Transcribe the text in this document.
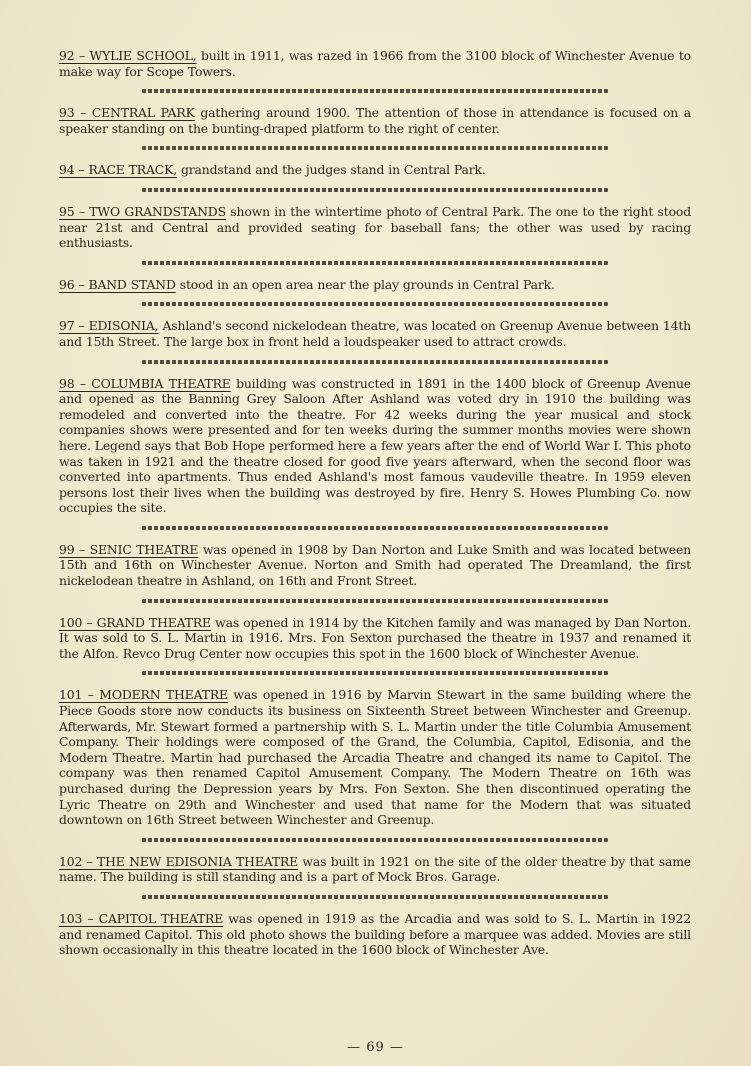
92 – WYLIE SCHOOL, built in 1911, was razed in 1966 from the 3100 block of Winchester Avenue to make way for Scope Towers.

93 – CENTRAL PARK gathering around 1900. The attention of those in attendance is focused on a speaker standing on the bunting-draped platform to the right of center.

94 – RACE TRACK, grandstand and the judges stand in Central Park.

95 – TWO GRANDSTANDS shown in the wintertime photo of Central Park. The one to the right stood near 21st and Central and provided seating for baseball fans; the other was used by racing enthusiasts.

96 – BAND STAND stood in an open area near the play grounds in Central Park.

97 – EDISONIA, Ashland's second nickelodean theatre, was located on Greenup Avenue between 14th and 15th Street. The large box in front held a loudspeaker used to attract crowds.

98 – COLUMBIA THEATRE building was constructed in 1891 in the 1400 block of Greenup Avenue and opened as the Banning Grey Saloon After Ashland was voted dry in 1910 the building was remodeled and converted into the theatre. For 42 weeks during the year musical and stock companies shows were presented and for ten weeks during the summer months movies were shown here. Legend says that Bob Hope performed here a few years after the end of World War I. This photo was taken in 1921 and the theatre closed for good five years afterward, when the second floor was converted into apartments. Thus ended Ashland's most famous vaudeville theatre. In 1959 eleven persons lost their lives when the building was destroyed by fire. Henry S. Howes Plumbing Co. now occupies the site.

99 – SENIC THEATRE was opened in 1908 by Dan Norton and Luke Smith and was located between 15th and 16th on Winchester Avenue. Norton and Smith had operated The Dreamland, the first nickelodean theatre in Ashland, on 16th and Front Street.

100 – GRAND THEATRE was opened in 1914 by the Kitchen family and was managed by Dan Norton. It was sold to S. L. Martin in 1916. Mrs. Fon Sexton purchased the theatre in 1937 and renamed it the Alfon. Revco Drug Center now occupies this spot in the 1600 block of Winchester Avenue.

101 – MODERN THEATRE was opened in 1916 by Marvin Stewart in the same building where the Piece Goods store now conducts its business on Sixteenth Street between Winchester and Greenup. Afterwards, Mr. Stewart formed a partnership with S. L. Martin under the title Columbia Amusement Company. Their holdings were composed of the Grand, the Columbia, Capitol, Edisonia, and the Modern Theatre. Martin had purchased the Arcadia Theatre and changed its name to Capitol. The company was then renamed Capitol Amusement Company. The Modern Theatre on 16th was purchased during the Depression years by Mrs. Fon Sexton. She then discontinued operating the Lyric Theatre on 29th and Winchester and used that name for the Modern that was situated downtown on 16th Street between Winchester and Greenup.

102 – THE NEW EDISONIA THEATRE was built in 1921 on the site of the older theatre by that same name. The building is still standing and is a part of Mock Bros. Garage.

103 – CAPITOL THEATRE was opened in 1919 as the Arcadia and was sold to S. L. Martin in 1922 and renamed Capitol. This old photo shows the building before a marquee was added. Movies are still shown occasionally in this theatre located in the 1600 block of Winchester Ave.

— 69 —
